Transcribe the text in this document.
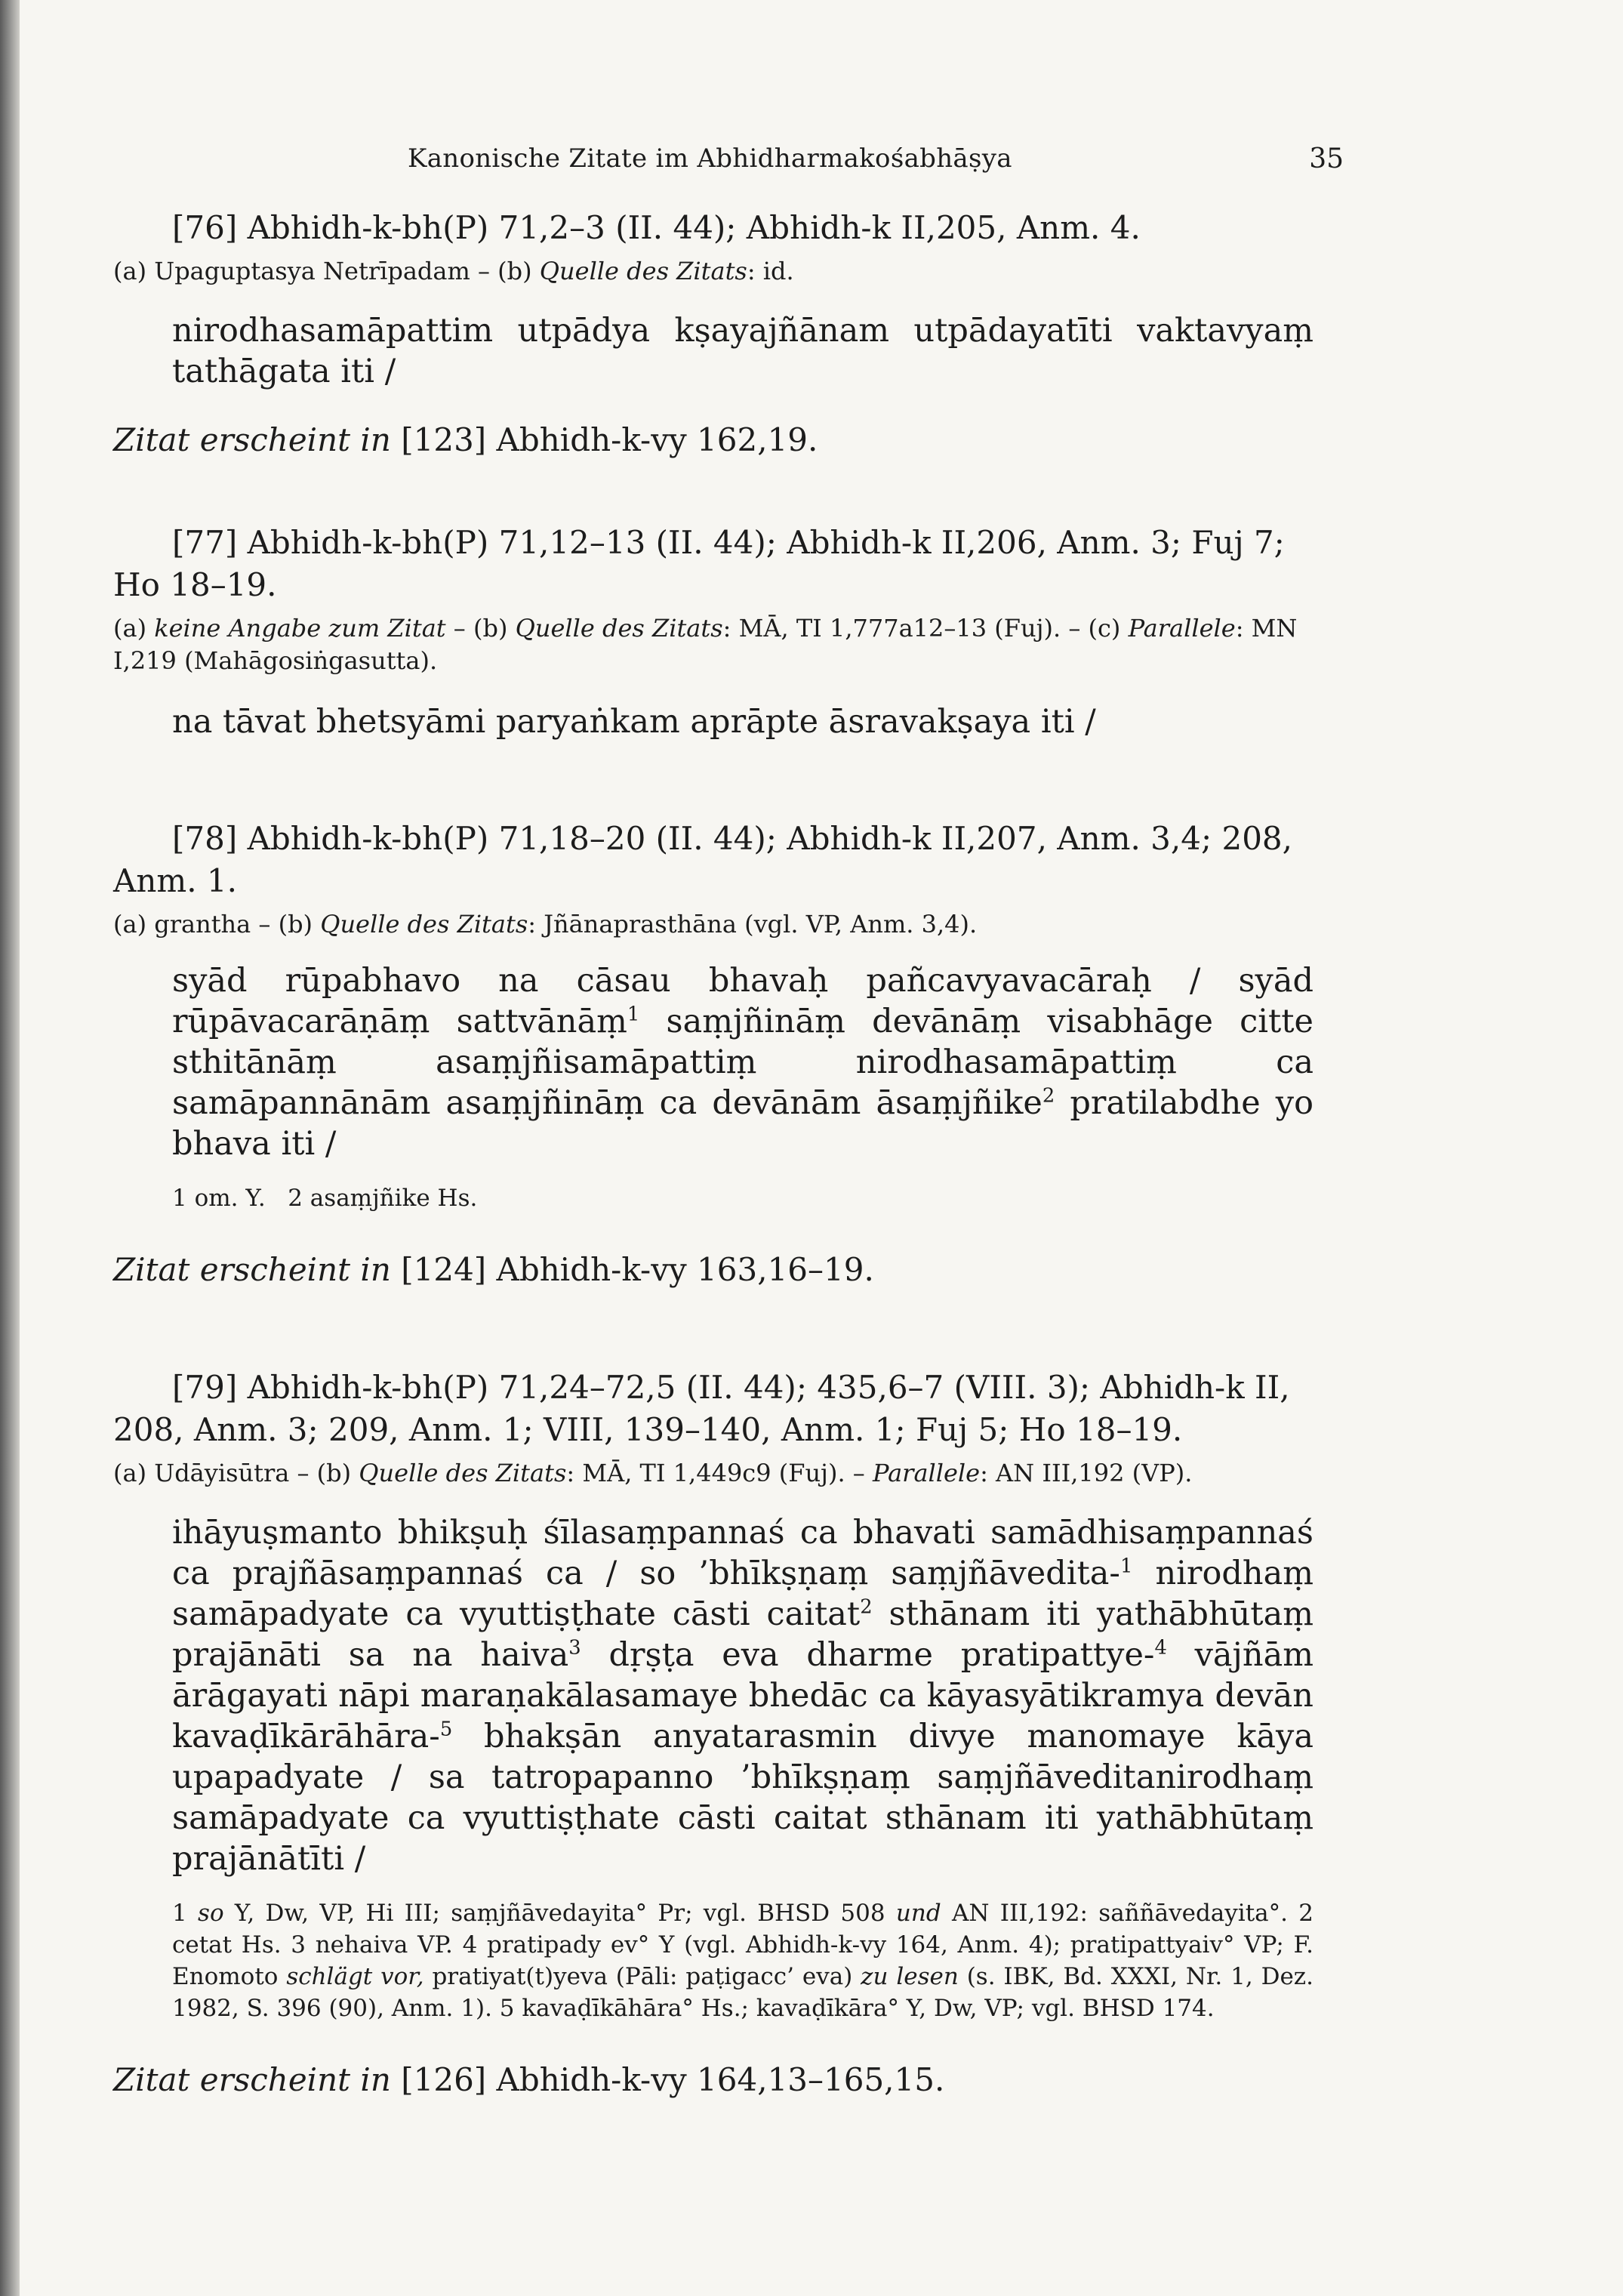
Kanonische Zitate im Abhidharmakośabhāṣya	35

[76] Abhidh-k-bh(P) 71,2–3 (II. 44); Abhidh-k II,205, Anm. 4.

(a) Upaguptasya Netrīpadam – (b) Quelle des Zitats: id.

nirodhasamāpattim utpādya kṣayajñānam utpādayatīti vaktavyaṃ tathāgata iti /

Zitat erscheint in [123] Abhidh-k-vy 162,19.

[77] Abhidh-k-bh(P) 71,12–13 (II. 44); Abhidh-k II,206, Anm. 3; Fuj 7; Ho 18–19.

(a) keine Angabe zum Zitat – (b) Quelle des Zitats: MĀ, TI 1,777a12–13 (Fuj). – (c) Parallele: MN I,219 (Mahāgosiṅgasutta).

na tāvat bhetsyāmi paryaṅkam aprāpte āsravakṣaya iti /

[78] Abhidh-k-bh(P) 71,18–20 (II. 44); Abhidh-k II,207, Anm. 3,4; 208, Anm. 1.

(a) grantha – (b) Quelle des Zitats: Jñānaprasthāna (vgl. VP, Anm. 3,4).

syād rūpabhavo na cāsau bhavaḥ pañcavyavacāraḥ / syād rūpāvacarāṇāṃ sattvānāṃ$^1$ saṃjñināṃ devānāṃ visabhāge citte sthitānāṃ asaṃjñisamāpattiṃ nirodhasamāpattiṃ ca samāpannānām asaṃjñināṃ ca devānām āsaṃjñike$^2$ pratilabdhe yo bhava iti /

1 om. Y.   2 asaṃjñike Hs.

Zitat erscheint in [124] Abhidh-k-vy 163,16–19.

[79] Abhidh-k-bh(P) 71,24–72,5 (II. 44); 435,6–7 (VIII. 3); Abhidh-k II, 208, Anm. 3; 209, Anm. 1; VIII, 139–140, Anm. 1; Fuj 5; Ho 18–19.

(a) Udāyisūtra – (b) Quelle des Zitats: MĀ, TI 1,449c9 (Fuj). – Parallele: AN III,192 (VP).

ihāyuṣmanto bhikṣuḥ śīlasaṃpannaś ca bhavati samādhisaṃpannaś ca prajñāsaṃpannaś ca / so ’bhīkṣṇaṃ saṃjñāvedita-$^1$ nirodhaṃ samāpadyate ca vyuttiṣṭhate cāsti caitat$^2$ sthānam iti yathābhūtaṃ prajānāti sa na haiva$^3$ dṛṣṭa eva dharme pratipattye-$^4$ vājñām ārāgayati nāpi maraṇakālasamaye bhedāc ca kāyasyātikramya devān kavaḍīkārāhāra-$^5$ bhakṣān anyatarasmin divye manomaye kāya upapadyate / sa tatropapanno ’bhīkṣṇaṃ saṃjñāveditanirodhaṃ samāpadyate ca vyuttiṣṭhate cāsti caitat sthānam iti yathābhūtaṃ prajānātīti /

1 so Y, Dw, VP, Hi III; saṃjñāvedayita° Pr; vgl. BHSD 508 und AN III,192: saññāvedayita°. 2 cetat Hs. 3 nehaiva VP. 4 pratipady ev° Y (vgl. Abhidh-k-vy 164, Anm. 4); pratipattyaiv° VP; F. Enomoto schlägt vor, pratiyat(t)yeva (Pāli: paṭigacc’ eva) zu lesen (s. IBK, Bd. XXXI, Nr. 1, Dez. 1982, S. 396 (90), Anm. 1). 5 kavaḍīkāhāra° Hs.; kavaḍīkāra° Y, Dw, VP; vgl. BHSD 174.

Zitat erscheint in [126] Abhidh-k-vy 164,13–165,15.
